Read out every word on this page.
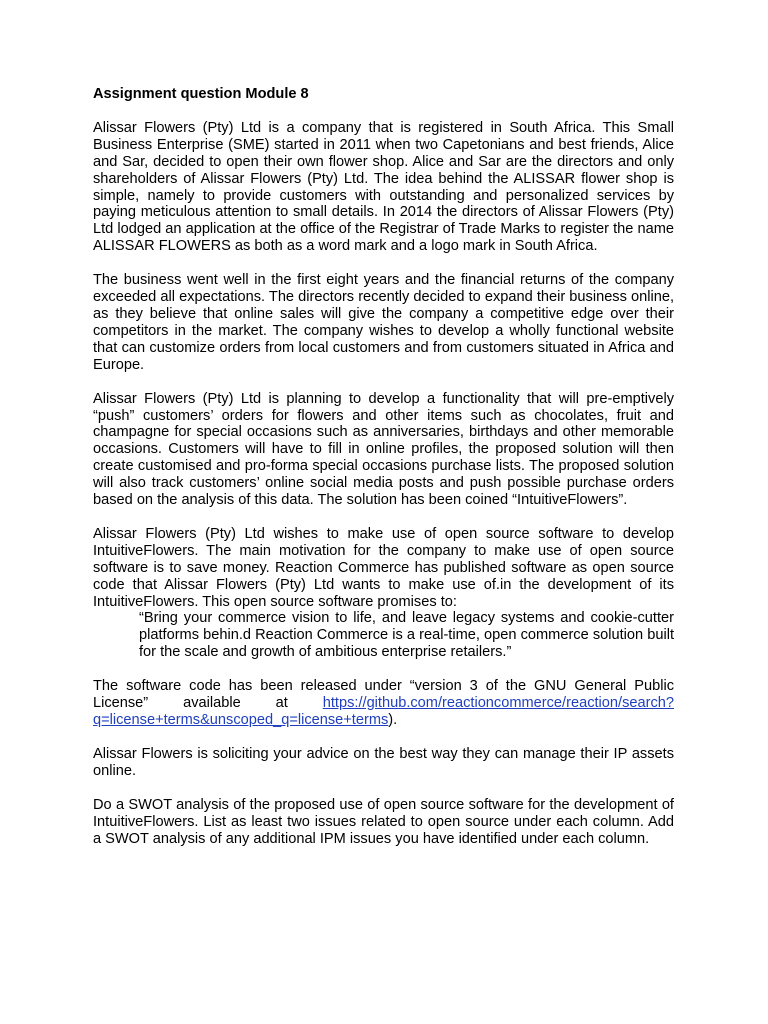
Assignment question Module 8

Alissar Flowers (Pty) Ltd is a company that is registered in South Africa. This Small Business Enterprise (SME) started in 2011 when two Capetonians and best friends, Alice and Sar, decided to open their own flower shop. Alice and Sar are the directors and only shareholders of Alissar Flowers (Pty) Ltd. The idea behind the ALISSAR flower shop is simple, namely to provide customers with outstanding and personalized services by paying meticulous attention to small details. In 2014 the directors of Alissar Flowers (Pty) Ltd lodged an application at the office of the Registrar of Trade Marks to register the name ALISSAR FLOWERS as both as a word mark and a logo mark in South Africa.

The business went well in the first eight years and the financial returns of the company exceeded all expectations. The directors recently decided to expand their business online, as they believe that online sales will give the company a competitive edge over their competitors in the market. The company wishes to develop a wholly functional website that can customize orders from local customers and from customers situated in Africa and Europe.

Alissar Flowers (Pty) Ltd is planning to develop a functionality that will pre-emptively “push” customers’ orders for flowers and other items such as chocolates, fruit and champagne for special occasions such as anniversaries, birthdays and other memorable occasions. Customers will have to fill in online profiles, the proposed solution will then create customised and pro-forma special occasions purchase lists. The proposed solution will also track customers’ online social media posts and push possible purchase orders based on the analysis of this data. The solution has been coined “IntuitiveFlowers”.

Alissar Flowers (Pty) Ltd wishes to make use of open source software to develop IntuitiveFlowers. The main motivation for the company to make use of open source software is to save money. Reaction Commerce has published software as open source code that Alissar Flowers (Pty) Ltd wants to make use of.in the development of its IntuitiveFlowers. This open source software promises to:

“Bring your commerce vision to life, and leave legacy systems and cookie-cutter platforms behin.d Reaction Commerce is a real-time, open commerce solution built for the scale and growth of ambitious enterprise retailers.”

The software code has been released under “version 3 of the GNU General Public License” available at https://github.com/reactioncommerce/reaction/search?q=license+terms&unscoped_q=license+terms).

Alissar Flowers is soliciting your advice on the best way they can manage their IP assets online.

Do a SWOT analysis of the proposed use of open source software for the development of IntuitiveFlowers. List as least two issues related to open source under each column. Add a SWOT analysis of any additional IPM issues you have identified under each column.
